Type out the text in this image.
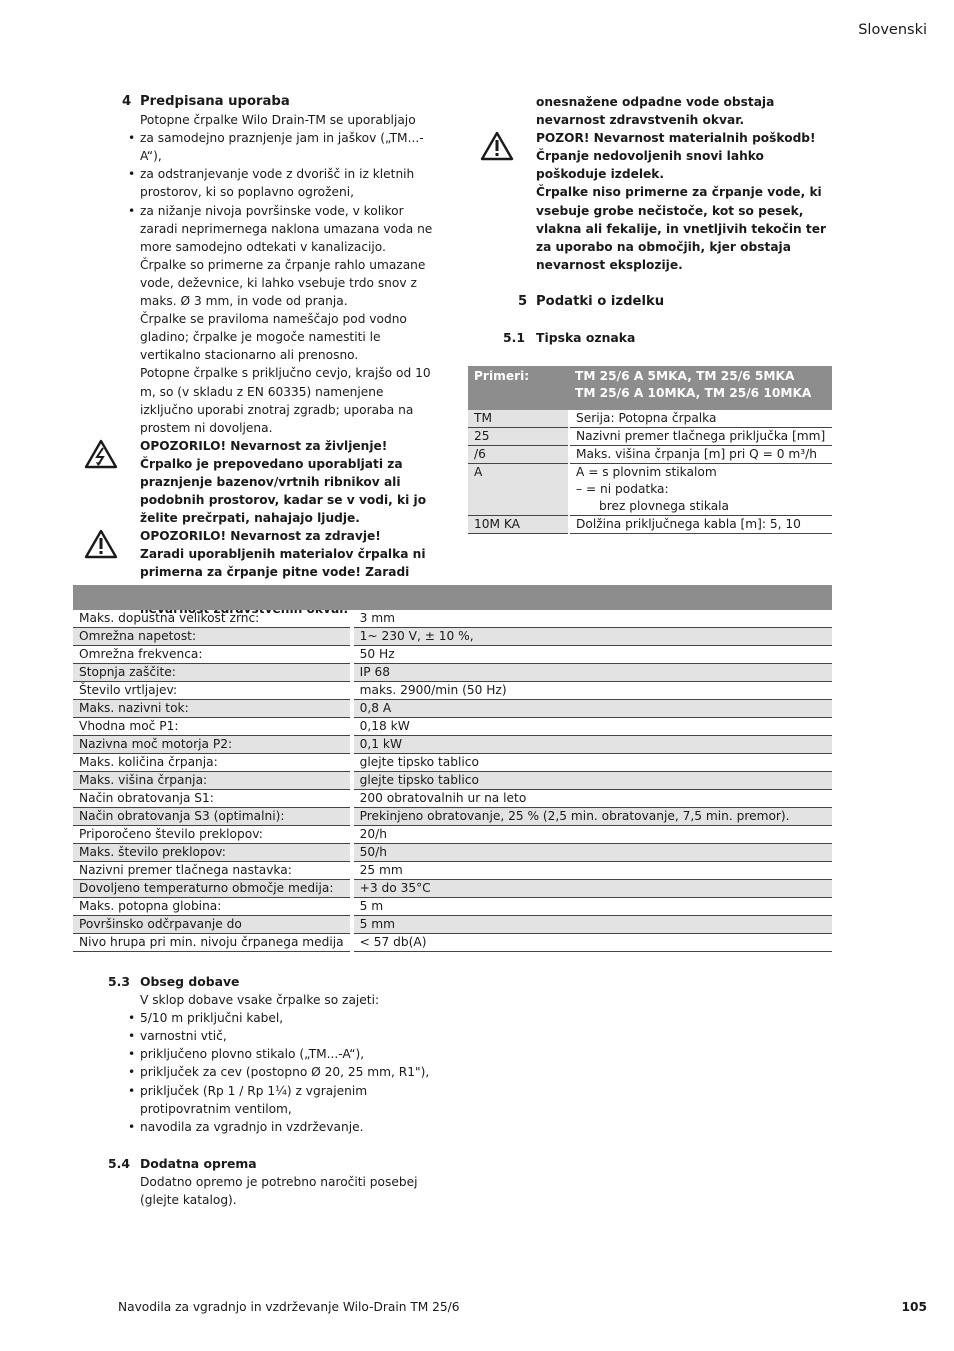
Slovenski
4 Predpisana uporaba

Potopne črpalke Wilo Drain-TM se uporabljajo

• za samodejno praznjenje jam in jaškov („TM...-A“),
• za odstranjevanje vode z dvorišč in iz kletnih prostorov, ki so poplavno ogroženi,
• za nižanje nivoja površinske vode, v kolikor zaradi neprimernega naklona umazana voda ne more samodejno odtekati v kanalizacijo.

Črpalke so primerne za črpanje rahlo umazane vode, deževnice, ki lahko vsebuje trdo snov z maks. Ø 3 mm, in vode od pranja.

Črpalke se praviloma nameščajo pod vodno gladino; črpalke je mogoče namestiti le vertikalno stacionarno ali prenosno.

Potopne črpalke s priključno cevjo, krajšo od 10 m, so (v skladu z EN 60335) namenjene izključno uporabi znotraj zgradb; uporaba na prostem ni dovoljena.

OPOZORILO! Nevarnost za življenje!

Črpalko je prepovedano uporabljati za praznjenje bazenov/vrtnih ribnikov ali podobnih prostorov, kadar se v vodi, ki jo želite prečrpati, nahajajo ljudje.

OPOZORILO! Nevarnost za zdravje!

Zaradi uporabljenih materialov črpalka ni primerna za črpanje pitne vode! Zaradi

onesnažene odpadne vode obstaja nevarnost zdravstvenih okvar.

POZOR! Nevarnost materialnih poškodb!

Črpanje nedovoljenih snovi lahko poškoduje izdelek.

Črpalke niso primerne za črpanje vode, ki vsebuje grobe nečistoče, kot so pesek, vlakna ali fekalije, in vnetljivih tekočin ter za uporabo na območjih, kjer obstaja nevarnost eksplozije.

5 Podatki o izdelku
5.1 Tipska oznaka
Primeri:	TM 25/6 A 5MKA, TM 25/6 5MKA
TM 25/6 A 10MKA, TM 25/6 10MKA

TM	Serija: Potopna črpalka
25	Nazivni premer tlačnega priključka [mm]
/6	Maks. višina črpanja [m] pri Q = 0 m³/h
A	A = s plovnim stikalom
– = ni podatka:
brez plovnega stikala

10M KA	Dolžina priključnega kabla [m]: 5, 10

Maks. dopustna velikost zrnc:	3 mm
Omrežna napetost:	1~ 230 V, ± 10 %,
Omrežna frekvenca:	50 Hz
Stopnja zaščite:	IP 68
Število vrtljajev:	maks. 2900/min (50 Hz)
Maks. nazivni tok:	0,8 A
Vhodna moč P1:	0,18 kW
Nazivna moč motorja P2:	0,1 kW
Maks. količina črpanja:	glejte tipsko tablico
Maks. višina črpanja:	glejte tipsko tablico
Način obratovanja S1:	200 obratovalnih ur na leto
Način obratovanja S3 (optimalni):	Prekinjeno obratovanje, 25 % (2,5 min. obratovanje, 7,5 min. premor).
Priporočeno število preklopov:	20/h
Maks. število preklopov:	50/h
Nazivni premer tlačnega nastavka:	25 mm
Dovoljeno temperaturno območje medija:	+3 do 35°C
Maks. potopna globina:	5 m
Površinsko odčrpavanje do	5 mm
Nivo hrupa pri min. nivoju črpanega medija	< 57 db(A)
5.3 Obseg dobave

V sklop dobave vsake črpalke so zajeti:

• 5/10 m priključni kabel,
• varnostni vtič,
• priključeno plovno stikalo („TM...-A“),
• priključek za cev (postopno Ø 20, 25 mm, R1"),
• priključek (Rp 1 / Rp 1¼) z vgrajenim protipovratnim ventilom,
• navodila za vgradnjo in vzdrževanje.
5.4 Dodatna oprema

Dodatno opremo je potrebno naročiti posebej (glejte katalog).

Navodila za vgradnjo in vzdrževanje Wilo-Drain TM 25/6	105
